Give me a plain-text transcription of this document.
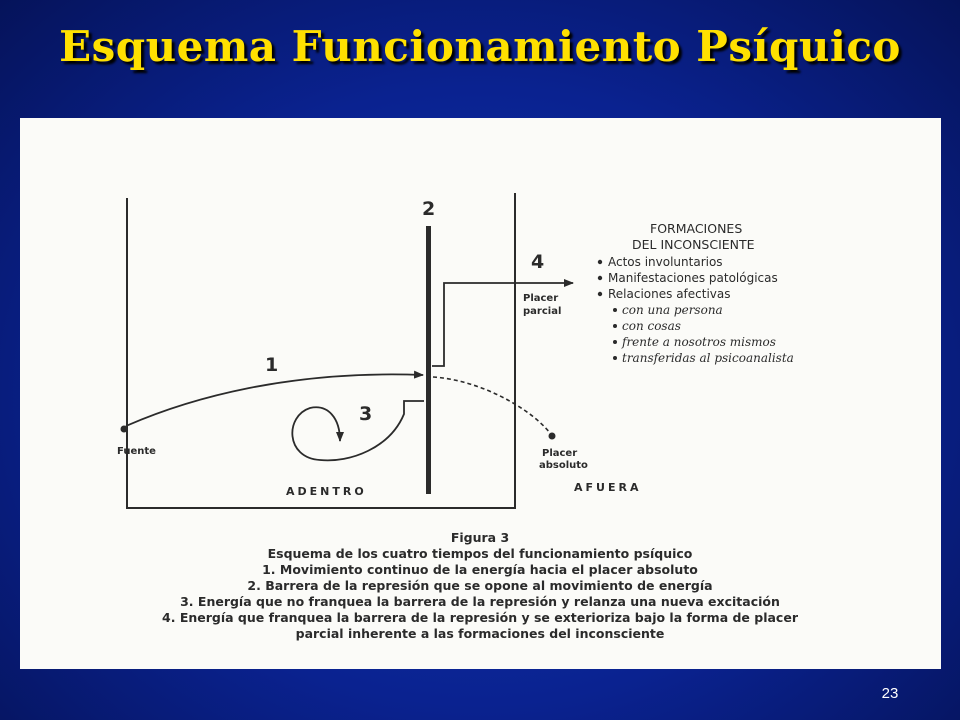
Esquema Funcionamiento Psíquico
1
2
3
4
Fuente
Placer
parcial
Placer
absoluto
ADENTRO	AFUERA
FORMACIONES
DEL INCONSCIENTE
Actos involuntarios
Manifestaciones patológicas
Relaciones afectivas
con una persona
con cosas
frente a nosotros mismos
transferidas al psicoanalista
Figura 3
Esquema de los cuatro tiempos del funcionamiento psíquico
1. Movimiento continuo de la energía hacia el placer absoluto
2. Barrera de la represión que se opone al movimiento de energía
3. Energía que no franquea la barrera de la represión y relanza una nueva excitación
4. Energía que franquea la barrera de la represión y se exterioriza bajo la forma de placer
parcial inherente a las formaciones del inconsciente
23
